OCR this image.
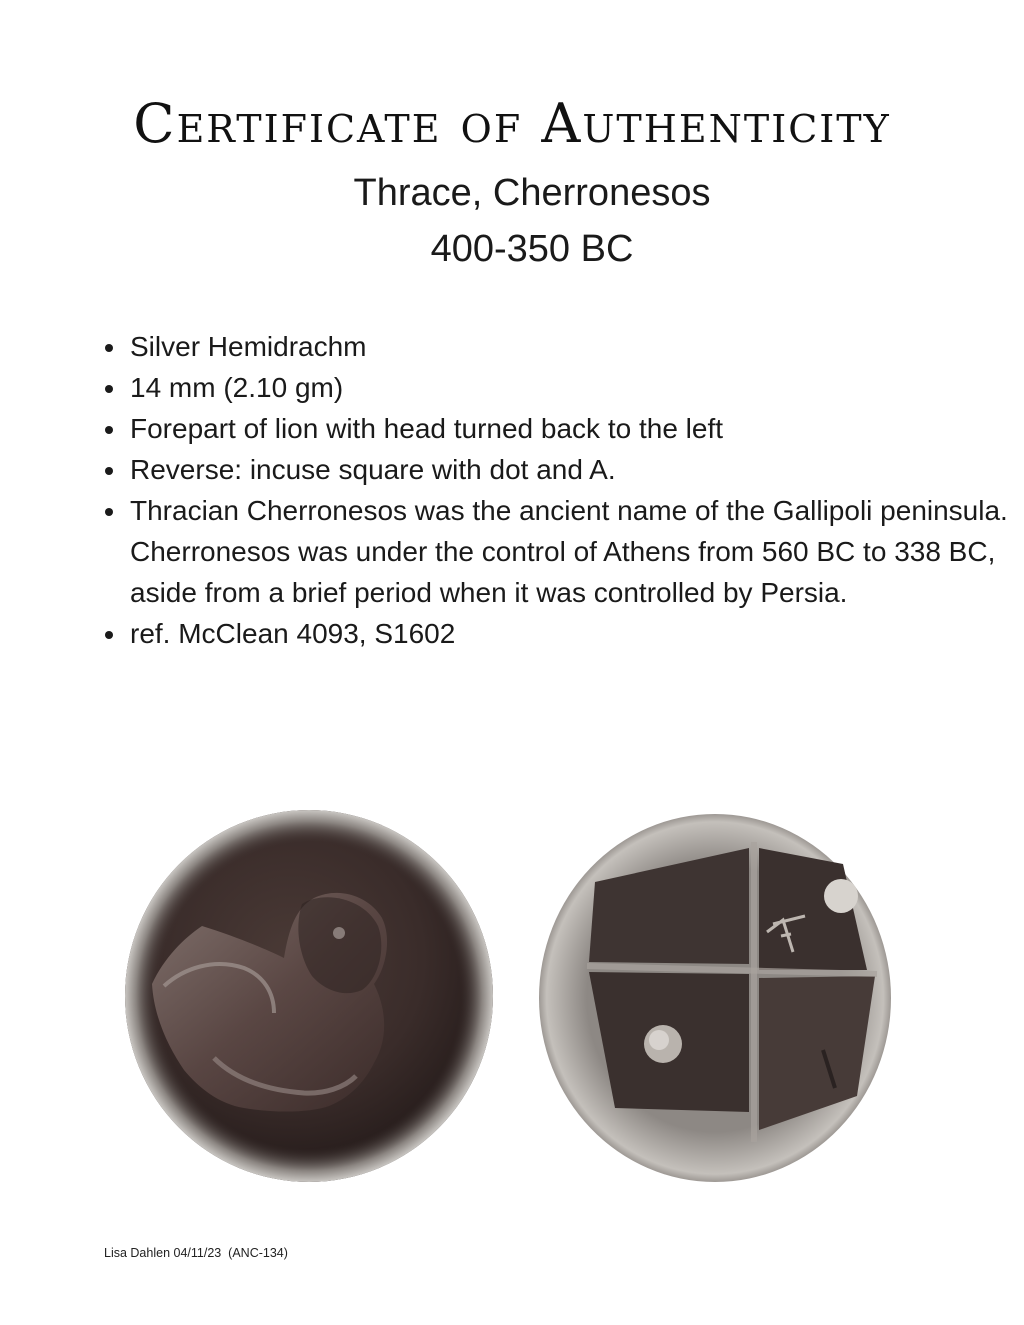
Certificate of Authenticity
Thrace, Cherronesos
400-350 BC
• Silver Hemidrachm
• 14 mm (2.10 gm)
• Forepart of lion with head turned back to the left
• Reverse: incuse square with dot and A.
• Thracian Cherronesos was the ancient name of the Gallipoli peninsula. Cherronesos was under the control of Athens from 560 BC to 338 BC, aside from a brief period when it was controlled by Persia.
• ref. McClean 4093, S1602
Lisa Dahlen 04/11/23  (ANC-134)
